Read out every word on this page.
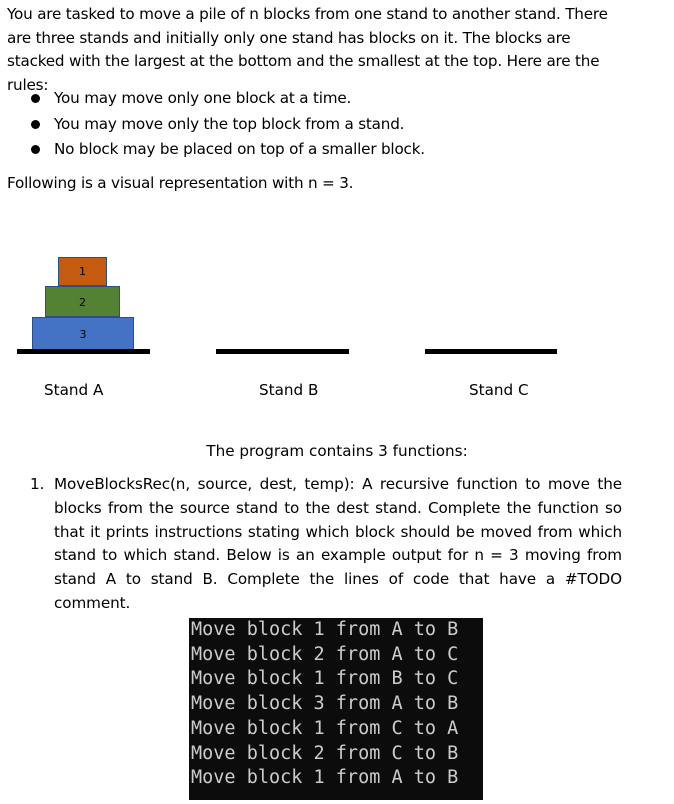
You are tasked to move a pile of n blocks from one stand to another stand. There are three stands and initially only one stand has blocks on it. The blocks are stacked with the largest at the bottom and the smallest at the top. Here are the rules:

You may move only one block at a time.
You may move only the top block from a stand.
No block may be placed on top of a smaller block.

Following is a visual representation with n = 3.

1
2
3
Stand A	Stand B	Stand C
The program contains 3 functions:
1. MoveBlocksRec(n, source, dest, temp): A recursive function to move the blocks from the source stand to the dest stand. Complete the function so that it prints instructions stating which block should be moved from which stand to which stand. Below is an example output for n = 3 moving from stand A to stand B. Complete the lines of code that have a #TODO comment.
Move block 1 from A to B
Move block 2 from A to C
Move block 1 from B to C
Move block 3 from A to B
Move block 1 from C to A
Move block 2 from C to B
Move block 1 from A to B
